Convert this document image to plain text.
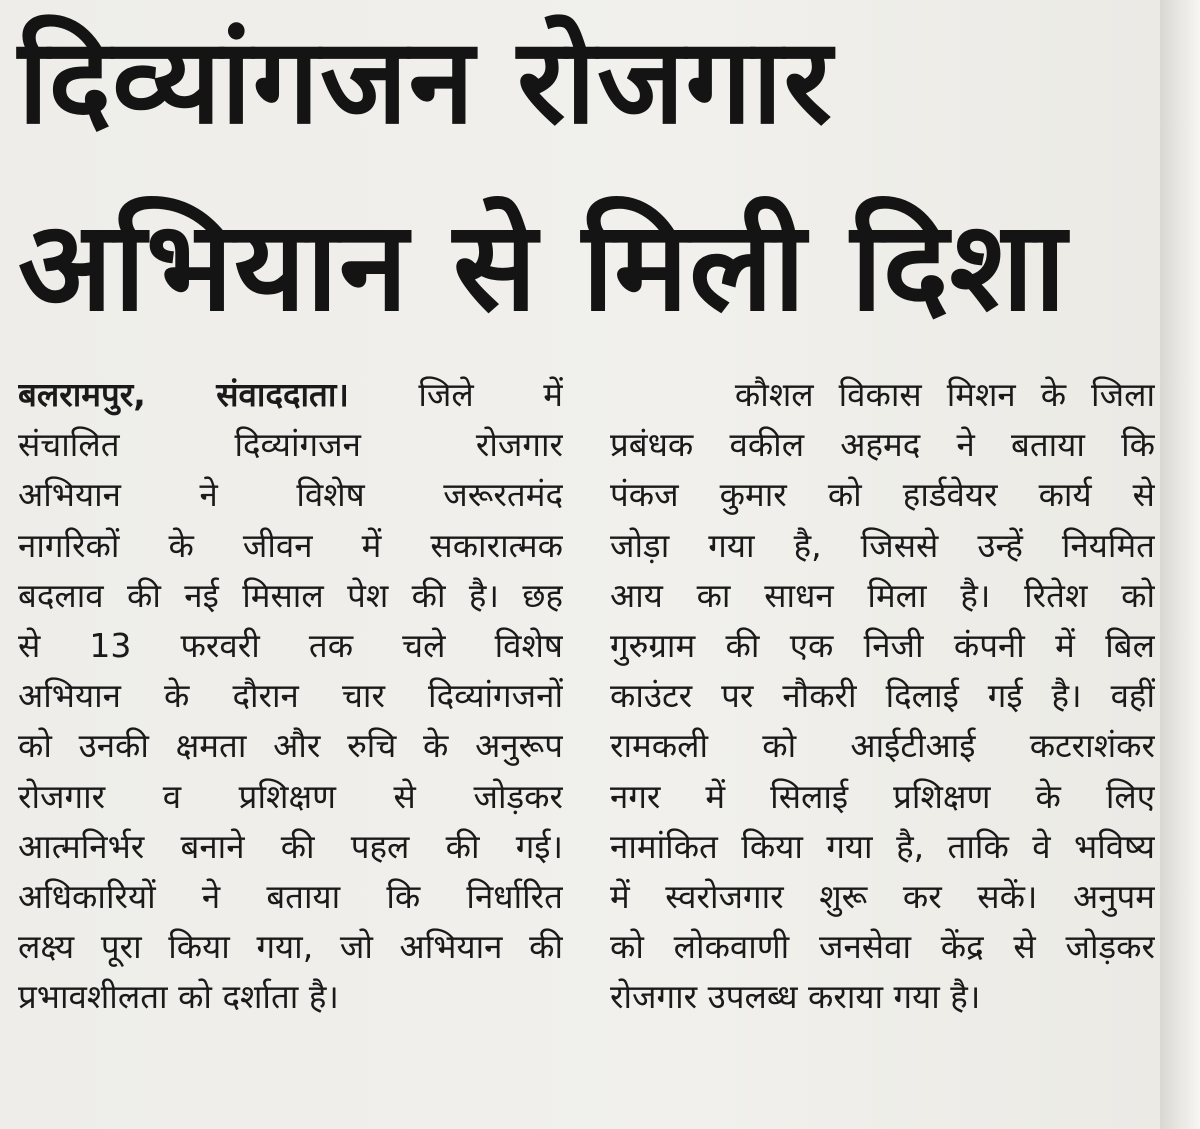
दिव्यांगजन रोजगार
अभियान से मिली दिशा
बलरामपुर, संवाददाता। जिले में
संचालित दिव्यांगजन रोजगार
अभियान ने विशेष जरूरतमंद
नागरिकों के जीवन में सकारात्मक
बदलाव की नई मिसाल पेश की है। छह
से 13 फरवरी तक चले विशेष
अभियान के दौरान चार दिव्यांगजनों
को उनकी क्षमता और रुचि के अनुरूप
रोजगार व प्रशिक्षण से जोड़कर
आत्मनिर्भर बनाने की पहल की गई।
अधिकारियों ने बताया कि निर्धारित
लक्ष्य पूरा किया गया, जो अभियान की
प्रभावशीलता को दर्शाता है।
कौशल विकास मिशन के जिला
प्रबंधक वकील अहमद ने बताया कि
पंकज कुमार को हार्डवेयर कार्य से
जोड़ा गया है, जिससे उन्हें नियमित
आय का साधन मिला है। रितेश को
गुरुग्राम की एक निजी कंपनी में बिल
काउंटर पर नौकरी दिलाई गई है। वहीं
रामकली को आईटीआई कटराशंकर
नगर में सिलाई प्रशिक्षण के लिए
नामांकित किया गया है, ताकि वे भविष्य
में स्वरोजगार शुरू कर सकें। अनुपम
को लोकवाणी जनसेवा केंद्र से जोड़कर
रोजगार उपलब्ध कराया गया है।
